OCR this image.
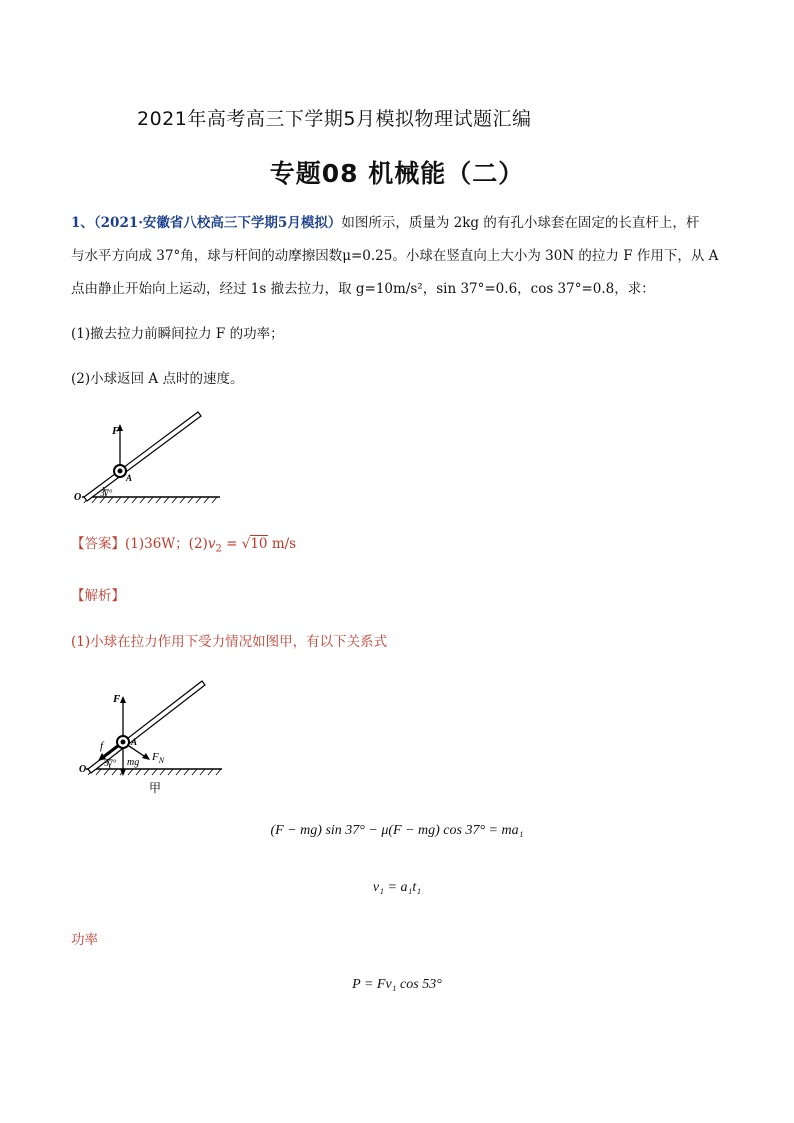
2021年高考高三下学期5月模拟物理试题汇编
专题08 机械能（二）
1、（2021·安徽省八校高三下学期5月模拟）如图所示，质量为 2kg 的有孔小球套在固定的长直杆上，杆
与水平方向成 37°角，球与杆间的动摩擦因数μ=0.25。小球在竖直向上大小为 30N 的拉力 F 作用下，从 A
点由静止开始向上运动，经过 1s 撤去拉力，取 g=10m/s²，sin 37°=0.6，cos 37°=0.8，求：
(1)撤去拉力前瞬间拉力 F 的功率；
(2)小球返回 A 点时的速度。
F
A
O 37°
【答案】(1)36W；$(2)v_2 = √10$ m/s
【解析】
(1)小球在拉力作用下受力情况如图甲，有以下关系式
F
f	A
$F_N$
mg
O
37°
甲
(F − mg) sin 37° − μ(F − mg) cos 37° = ma₁
v₁ = a₁t₁
功率
P = Fv₁ cos 53°
